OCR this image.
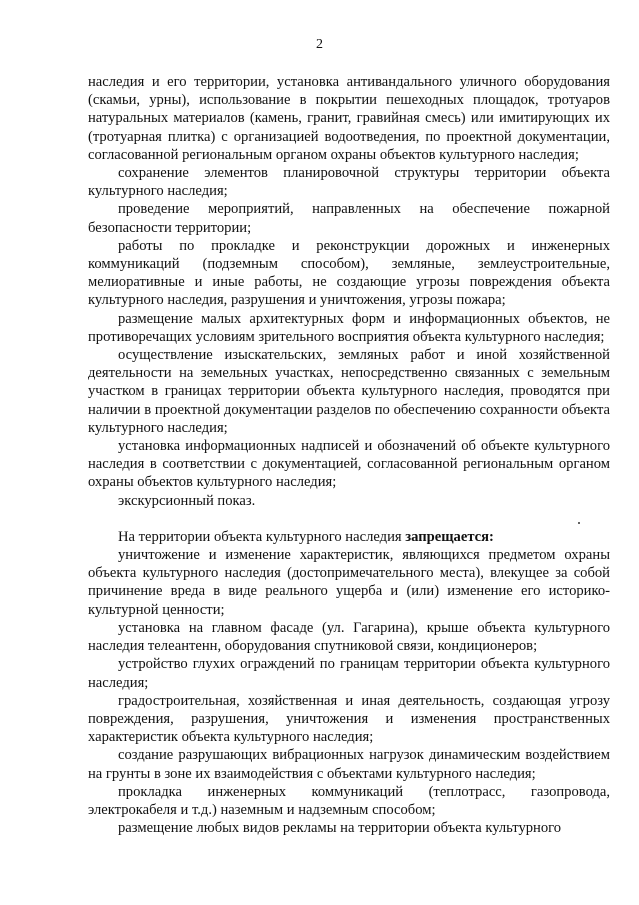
2

наследия и его территории, установка антивандального уличного оборудования (скамьи, урны), использование в покрытии пешеходных площадок, тротуаров натуральных материалов (камень, гранит, гравийная смесь) или имитирующих их (тротуарная плитка) с организацией водоотведения, по проектной документации, согласованной региональным органом охраны объектов культурного наследия;

сохранение элементов планировочной структуры территории объекта культурного наследия;

проведение мероприятий, направленных на обеспечение пожарной безопасности территории;

работы по прокладке и реконструкции дорожных и инженерных коммуникаций (подземным способом), земляные, землеустроительные, мелиоративные и иные работы, не создающие угрозы повреждения объекта культурного наследия, разрушения и уничтожения, угрозы пожара;

размещение малых архитектурных форм и информационных объектов, не противоречащих условиям зрительного восприятия объекта культурного наследия;

осуществление изыскательских, земляных работ и иной хозяйственной деятельности на земельных участках, непосредственно связанных с земельным участком в границах территории объекта культурного наследия, проводятся при наличии в проектной документации разделов по обеспечению сохранности объекта культурного наследия;

установка информационных надписей и обозначений об объекте культурного наследия в соответствии с документацией, согласованной региональным органом охраны объектов культурного наследия;

экскурсионный показ.

На территории объекта культурного наследия запрещается:

уничтожение и изменение характеристик, являющихся предметом охраны объекта культурного наследия (достопримечательного места), влекущее за собой причинение вреда в виде реального ущерба и (или) изменение его историко-культурной ценности;

установка на главном фасаде (ул. Гагарина), крыше объекта культурного наследия телеантенн, оборудования спутниковой связи, кондиционеров;

устройство глухих ограждений по границам территории объекта культурного наследия;

градостроительная, хозяйственная и иная деятельность, создающая угрозу повреждения, разрушения, уничтожения и изменения пространственных характеристик объекта культурного наследия;

создание разрушающих вибрационных нагрузок динамическим воздействием на грунты в зоне их взаимодействия с объектами культурного наследия;

прокладка инженерных коммуникаций (теплотрасс, газопровода, электрокабеля и т.д.) наземным и надземным способом;

размещение любых видов рекламы на территории объекта культурного
